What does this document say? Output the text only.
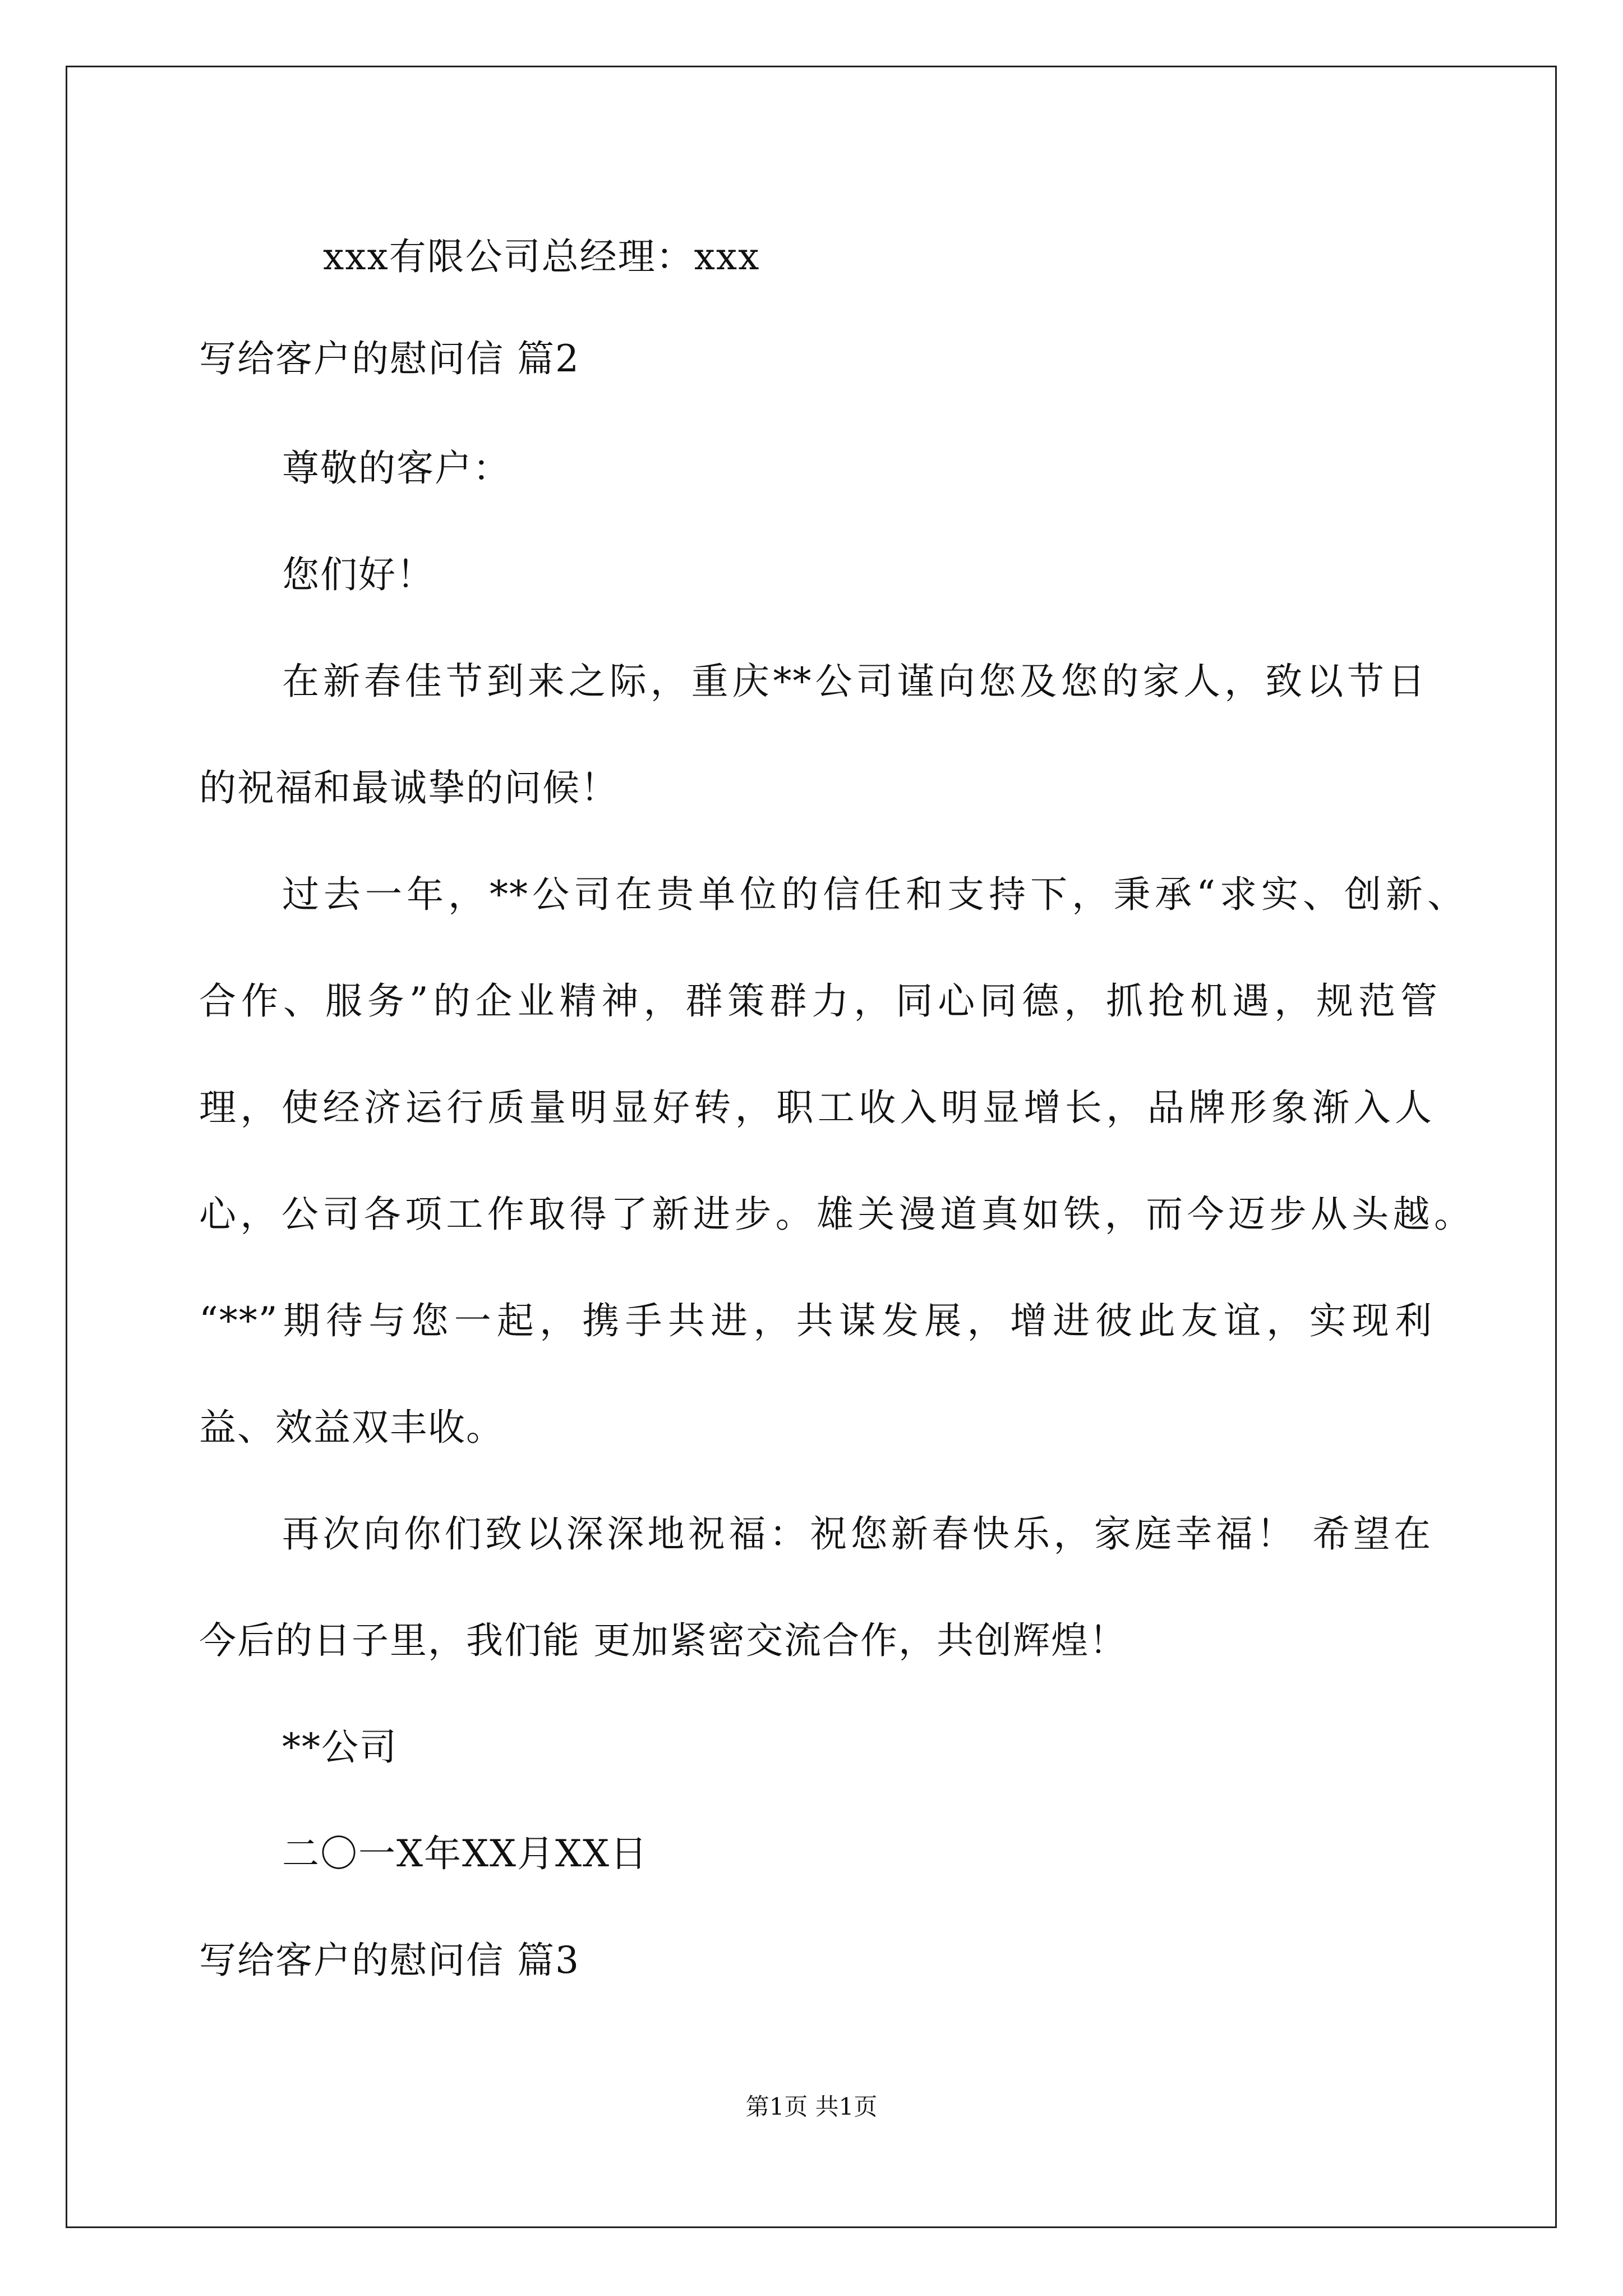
xxx有限公司总经理：xxx
写给客户的慰问信 篇2
尊敬的客户：
您们好！
在新春佳节到来之际，重庆**公司谨向您及您的家人，致以节日
的祝福和最诚挚的问候！
过去一年，**公司在贵单位的信任和支持下，秉承“求实、创新、
合作、服务”的企业精神，群策群力，同心同德，抓抢机遇，规范管
理，使经济运行质量明显好转，职工收入明显增长，品牌形象渐入人
心，公司各项工作取得了新进步。雄关漫道真如铁，而今迈步从头越。
“**”期待与您一起，携手共进，共谋发展，增进彼此友谊，实现利
益、效益双丰收。
再次向你们致以深深地祝福：祝您新春快乐，家庭幸福！ 希望在
今后的日子里，我们能 更加紧密交流合作，共创辉煌！
**公司
二〇一X年XX月XX日
写给客户的慰问信 篇3
第1页 共1页
